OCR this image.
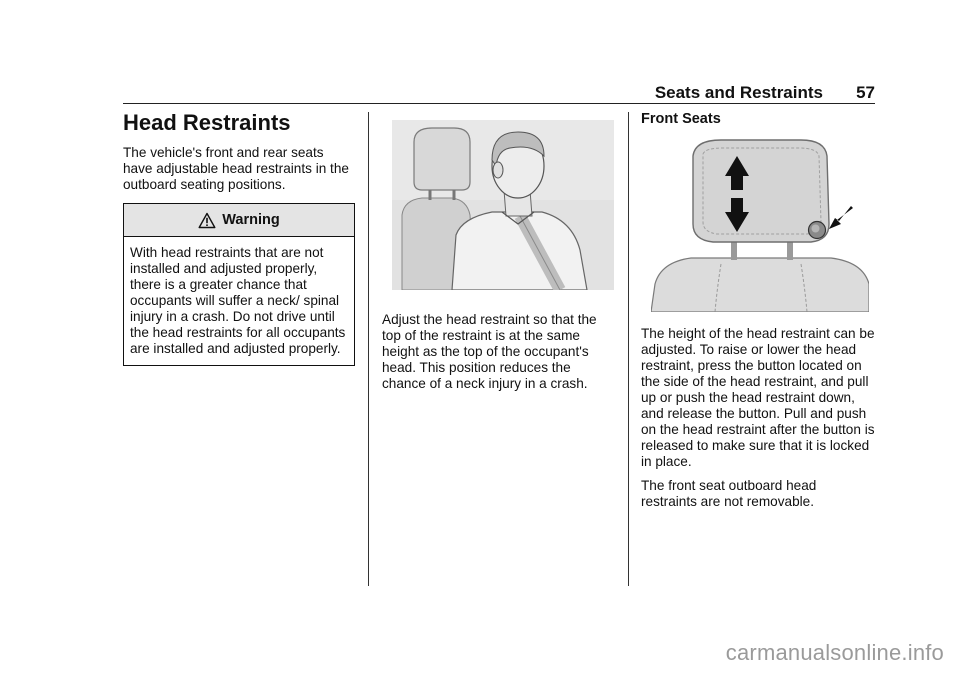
Seats and Restraints 57
Head Restraints

The vehicle's front and rear seats have adjustable head restraints in the outboard seating positions.

Warning
With head restraints that are not installed and adjusted properly, there is a greater chance that occupants will suffer a neck/ spinal injury in a crash. Do not drive until the head restraints for all occupants are installed and adjusted properly.

Adjust the head restraint so that the top of the restraint is at the same height as the top of the occupant's head. This position reduces the chance of a neck injury in a crash.

Front Seats

The height of the head restraint can be adjusted. To raise or lower the head restraint, press the button located on the side of the head restraint, and pull up or push the head restraint down, and release the button. Pull and push on the head restraint after the button is released to make sure that it is locked in place.

The front seat outboard head restraints are not removable.

carmanualsonline.info
